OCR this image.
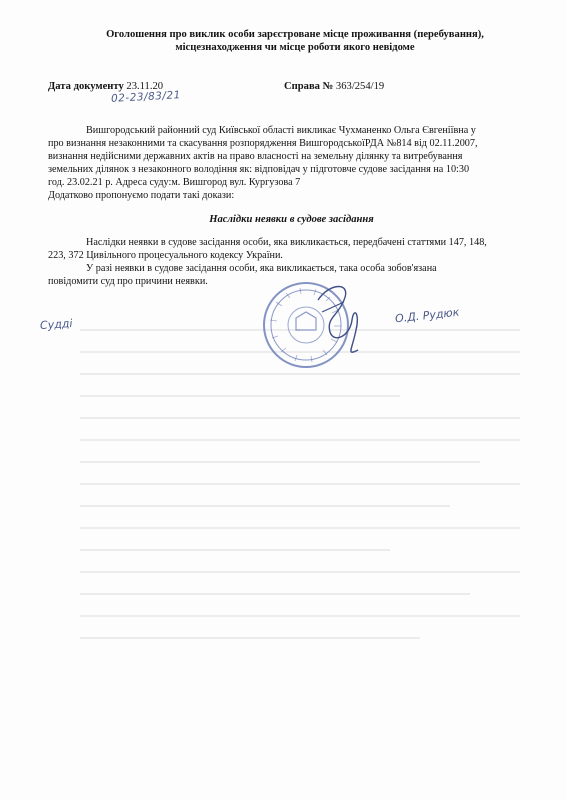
Оголошення про виклик особи зарєстроване місце проживання (перебування),
місцезнаходження чи місце роботи якого невідоме
Дата документу 23.11.20	Справа № 363/254/19
02-23/83/21

Вишгородський районний суд Київської області викликає Чухманенко Ольга Євгеніївна у

про визнання незаконними та скасування розпорядження ВишгородськоїРДА №814 від 02.11.2007,

визнання недійсними державних актів на право власності на земельну ділянку та витребування

земельних ділянок з незаконного володіння як: відповідач у підготовче судове засідання на 10:30

год. 23.02.21 р. Адреса суду:м. Вишгород вул. Кургузова 7

Додатково пропонуємо подати такі докази:

Наслідки неявки в судове засідання

Наслідки неявки в судове засідання особи, яка викликається, передбачені статтями 147, 148,

223, 372 Цивільного процесуального кодексу України.

У разі неявки в судове засідання особи, яка викликається, така особа зобов'язана

повідомити суд про причини неявки.

Судді	О.Д. Рудюк
